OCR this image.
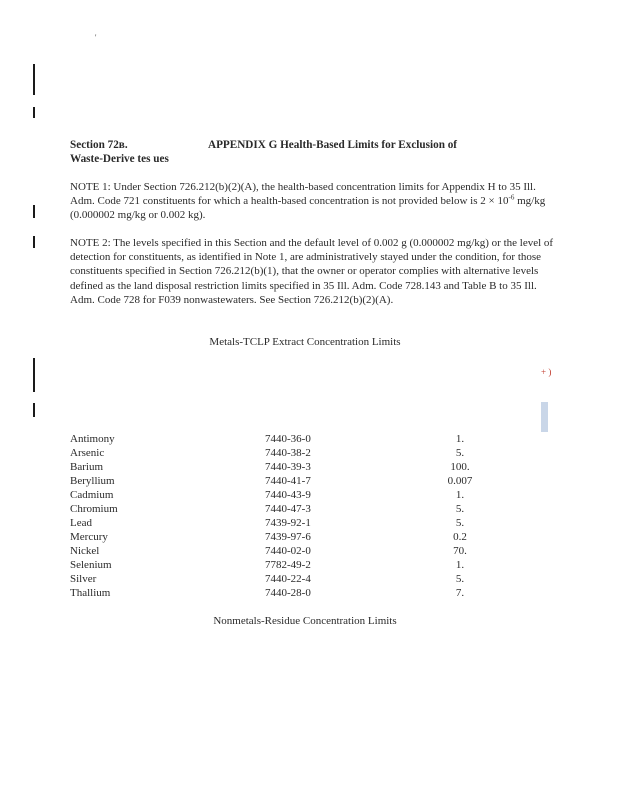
'
+ )
Section 72в.	APPENDIX G Health-Based Limits for Exclusion of
Waste-Derive tes ues

NOTE 1: Under Section 726.212(b)(2)(A), the health-based concentration limits for Appendix H to 35 Ill. Adm. Code 721 constituents for which a health-based concentration is not provided below is $2 \times 10^{-6}$ mg/kg (0.000002 mg/kg or 0.002 kg).

NOTE 2: The levels specified in this Section and the default level of 0.002 g (0.000002 mg/kg) or the level of detection for constituents, as identified in Note 1, are administratively stayed under the condition, for those constituents specified in Section 726.212(b)(1), that the owner or operator complies with alternative levels defined as the land disposal restriction limits specified in 35 Ill. Adm. Code 728.143 and Table B to 35 Ill. Adm. Code 728 for F039 nonwastewaters. See Section 726.212(b)(2)(A).

Metals-TCLP Extract Concentration Limits
Antimony	7440-36-0	1.
Arsenic	7440-38-2	5.
Barium	7440-39-3	100.
Beryllium	7440-41-7	0.007
Cadmium	7440-43-9	1.
Chromium	7440-47-3	5.
Lead	7439-92-1	5.
Mercury	7439-97-6	0.2
Nickel	7440-02-0	70.
Selenium	7782-49-2	1.
Silver	7440-22-4	5.
Thallium	7440-28-0	7.
Nonmetals-Residue Concentration Limits
